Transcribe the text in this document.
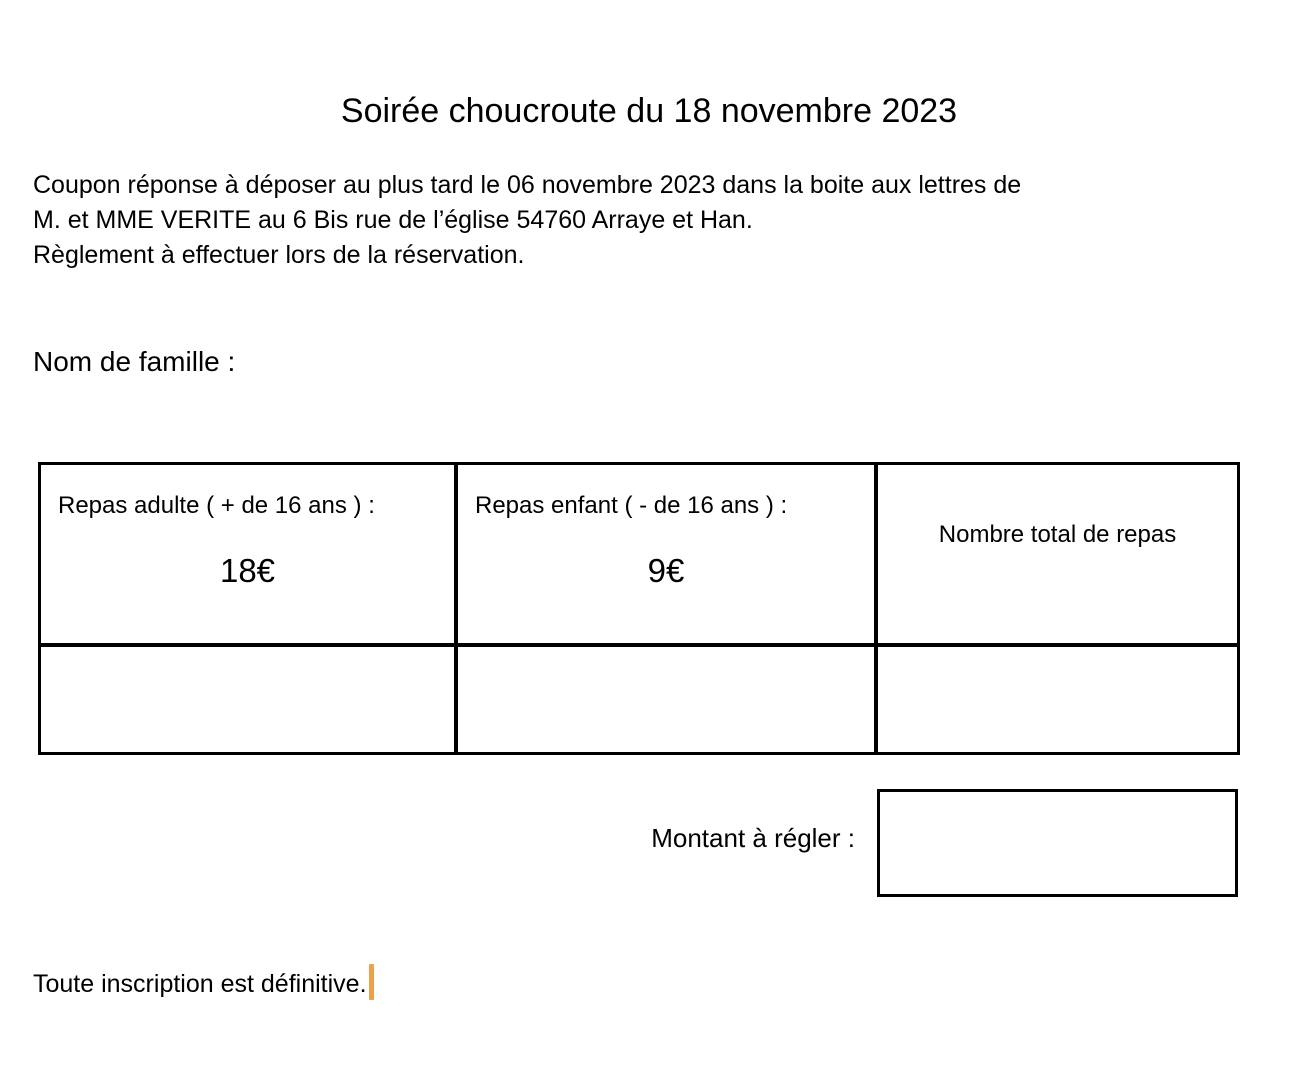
Soirée choucroute du 18 novembre 2023
Coupon réponse à déposer au plus tard le 06 novembre 2023 dans la boite aux lettres de
M. et MME VERITE au 6 Bis rue de l’église 54760 Arraye et Han.
Règlement à effectuer lors de la réservation.
Nom de famille :
Repas adulte ( + de 16 ans ) :
18€
Repas enfant ( - de 16 ans ) :
9€
Nombre total de repas
Montant à régler :
Toute inscription est définitive.
